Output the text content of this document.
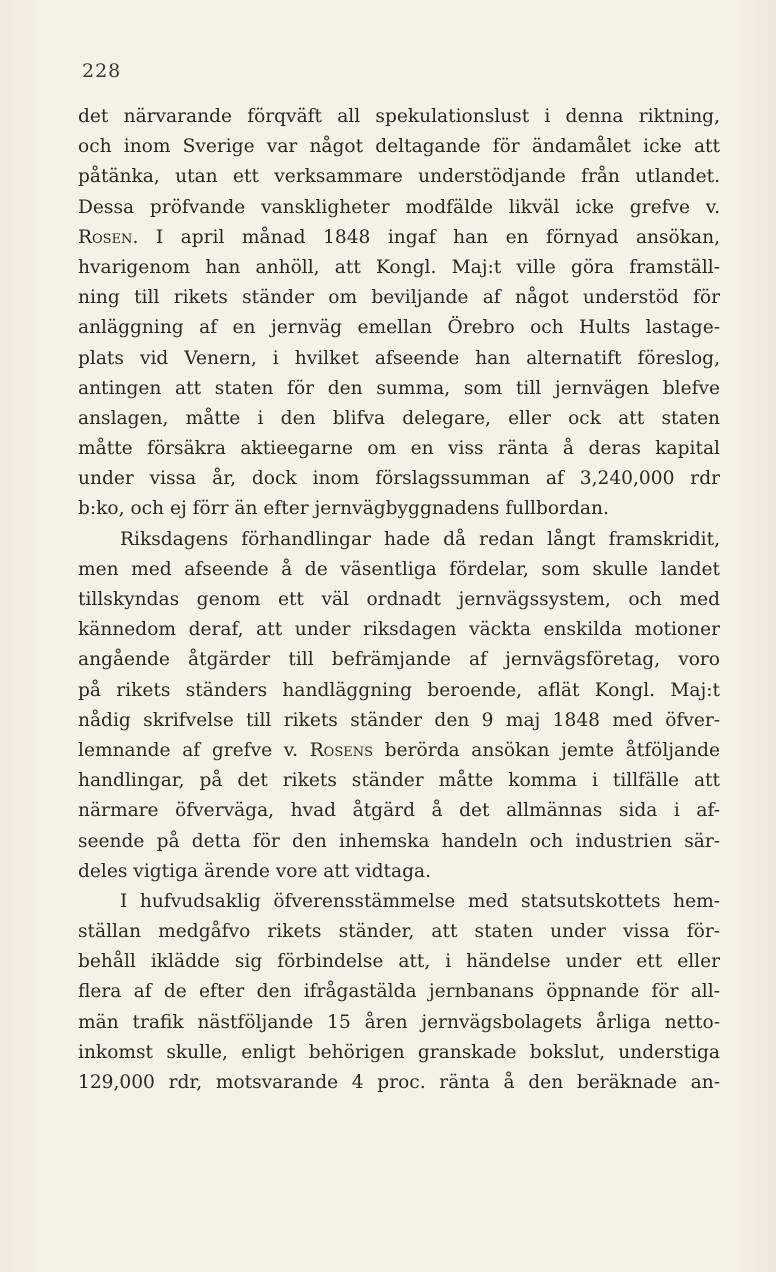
228
det närvarande förqväft all spekulationslust i denna riktning,
och inom Sverige var något deltagande för ändamålet icke att
påtänka, utan ett verksammare understödjande från utlandet.
Dessa pröfvande vanskligheter modfälde likväl icke grefve v.
Rosen. I april månad 1848 ingaf han en förnyad ansökan,
hvarigenom han anhöll, att Kongl. Maj:t ville göra framställ-
ning till rikets ständer om beviljande af något understöd för
anläggning af en jernväg emellan Örebro och Hults lastage-
plats vid Venern, i hvilket afseende han alternatift föreslog,
antingen att staten för den summa, som till jernvägen blefve
anslagen, måtte i den blifva delegare, eller ock att staten
måtte försäkra aktieegarne om en viss ränta å deras kapital
under vissa år, dock inom förslagssumman af 3,240,000 rdr
b:ko, och ej förr än efter jernvägbyggnadens fullbordan.
Riksdagens förhandlingar hade då redan långt framskridit,
men med afseende å de väsentliga fördelar, som skulle landet
tillskyndas genom ett väl ordnadt jernvägssystem, och med
kännedom deraf, att under riksdagen väckta enskilda motioner
angående åtgärder till befrämjande af jernvägsföretag, voro
på rikets ständers handläggning beroende, aflät Kongl. Maj:t
nådig skrifvelse till rikets ständer den 9 maj 1848 med öfver-
lemnande af grefve v. Rosens berörda ansökan jemte åtföljande
handlingar, på det rikets ständer måtte komma i tillfälle att
närmare öfverväga, hvad åtgärd å det allmännas sida i af-
seende på detta för den inhemska handeln och industrien sär-
deles vigtiga ärende vore att vidtaga.
I hufvudsaklig öfverensstämmelse med statsutskottets hem-
ställan medgåfvo rikets ständer, att staten under vissa för-
behåll ikläddе sig förbindelse att, i händelse under ett eller
flera af de efter den ifrågastälda jernbanans öppnande för all-
män trafik nästföljande 15 åren jernvägsbolagets årliga netto-
inkomst skulle, enligt behörigen granskade bokslut, understiga
129,000 rdr, motsvarande 4 proc. ränta å den beräknade an-
